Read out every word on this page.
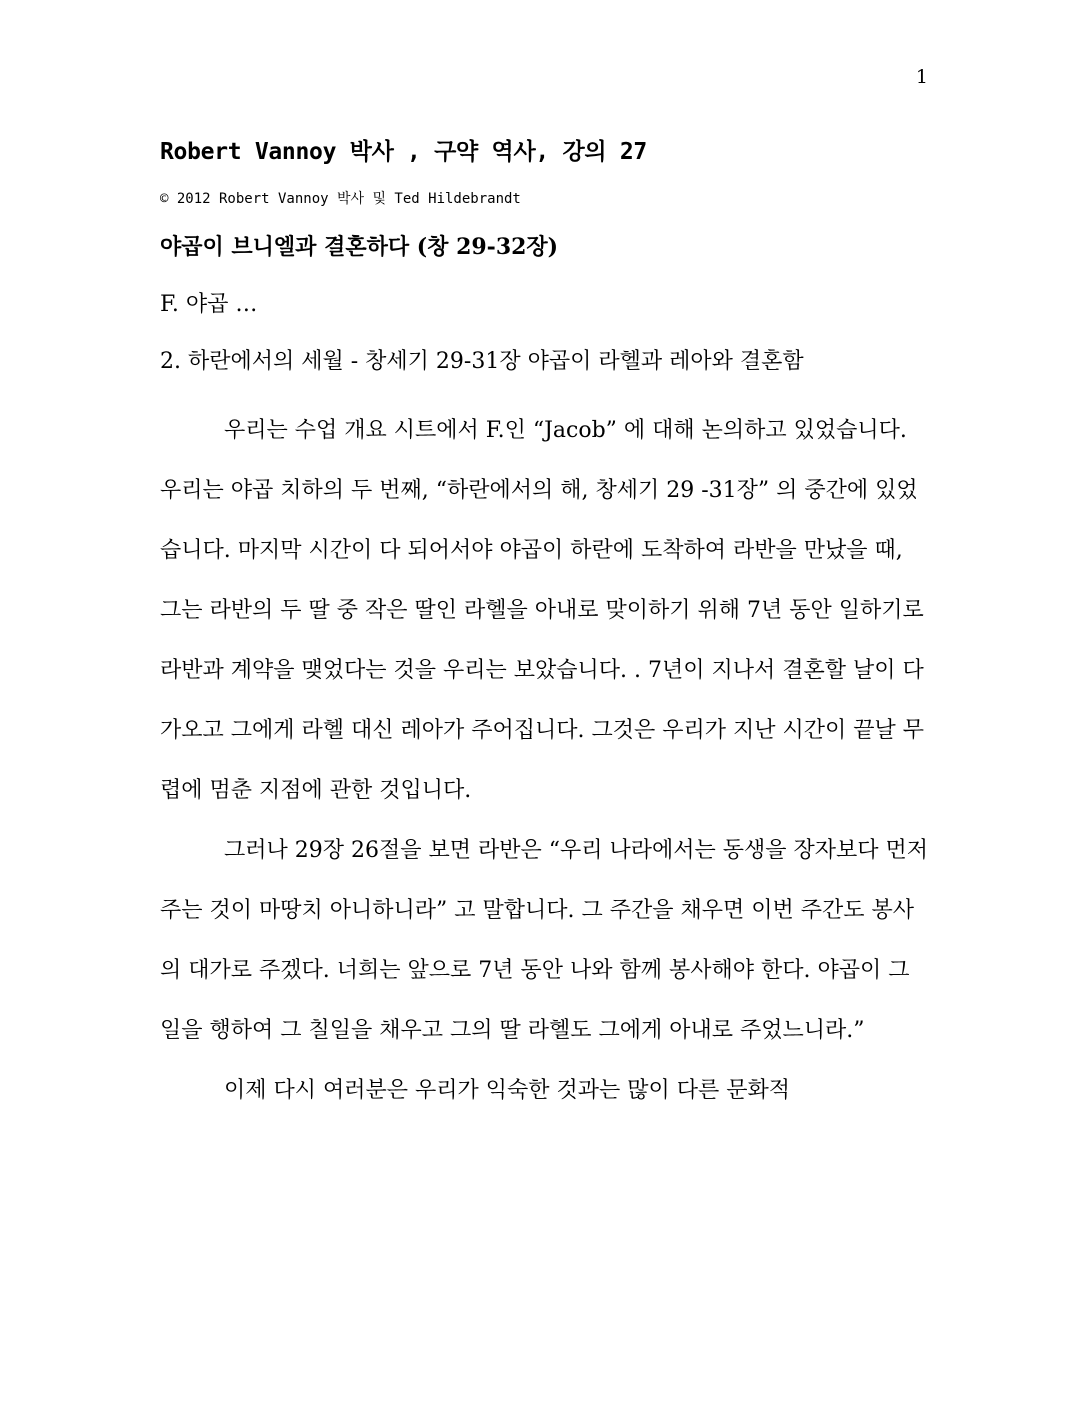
1
Robert Vannoy 박사 , 구약 역사, 강의 27
© 2012 Robert Vannoy 박사 및 Ted Hildebrandt
야곱이 브니엘과 결혼하다 (창 29-32장)
F. 야곱 …
2. 하란에서의 세월 - 창세기 29-31장 야곱이 라헬과 레아와 결혼함

우리는 수업 개요 시트에서 F.인 “Jacob” 에 대해 논의하고 있었습니다. 우리는 야곱 치하의 두 번째, “하란에서의 해, 창세기 29 -31장” 의 중간에 있었습니다. 마지막 시간이 다 되어서야 야곱이 하란에 도착하여 라반을 만났을 때, 그는 라반의 두 딸 중 작은 딸인 라헬을 아내로 맞이하기 위해 7년 동안 일하기로 라반과 계약을 맺었다는 것을 우리는 보았습니다. . 7년이 지나서 결혼할 날이 다가오고 그에게 라헬 대신 레아가 주어집니다. 그것은 우리가 지난 시간이 끝날 무렵에 멈춘 지점에 관한 것입니다.

그러나 29장 26절을 보면 라반은 “우리 나라에서는 동생을 장자보다 먼저 주는 것이 마땅치 아니하니라” 고 말합니다. 그 주간을 채우면 이번 주간도 봉사의 대가로 주겠다. 너희는 앞으로 7년 동안 나와 함께 봉사해야 한다. 야곱이 그 일을 행하여 그 칠일을 채우고 그의 딸 라헬도 그에게 아내로 주었느니라.”

이제 다시 여러분은 우리가 익숙한 것과는 많이 다른 문화적
